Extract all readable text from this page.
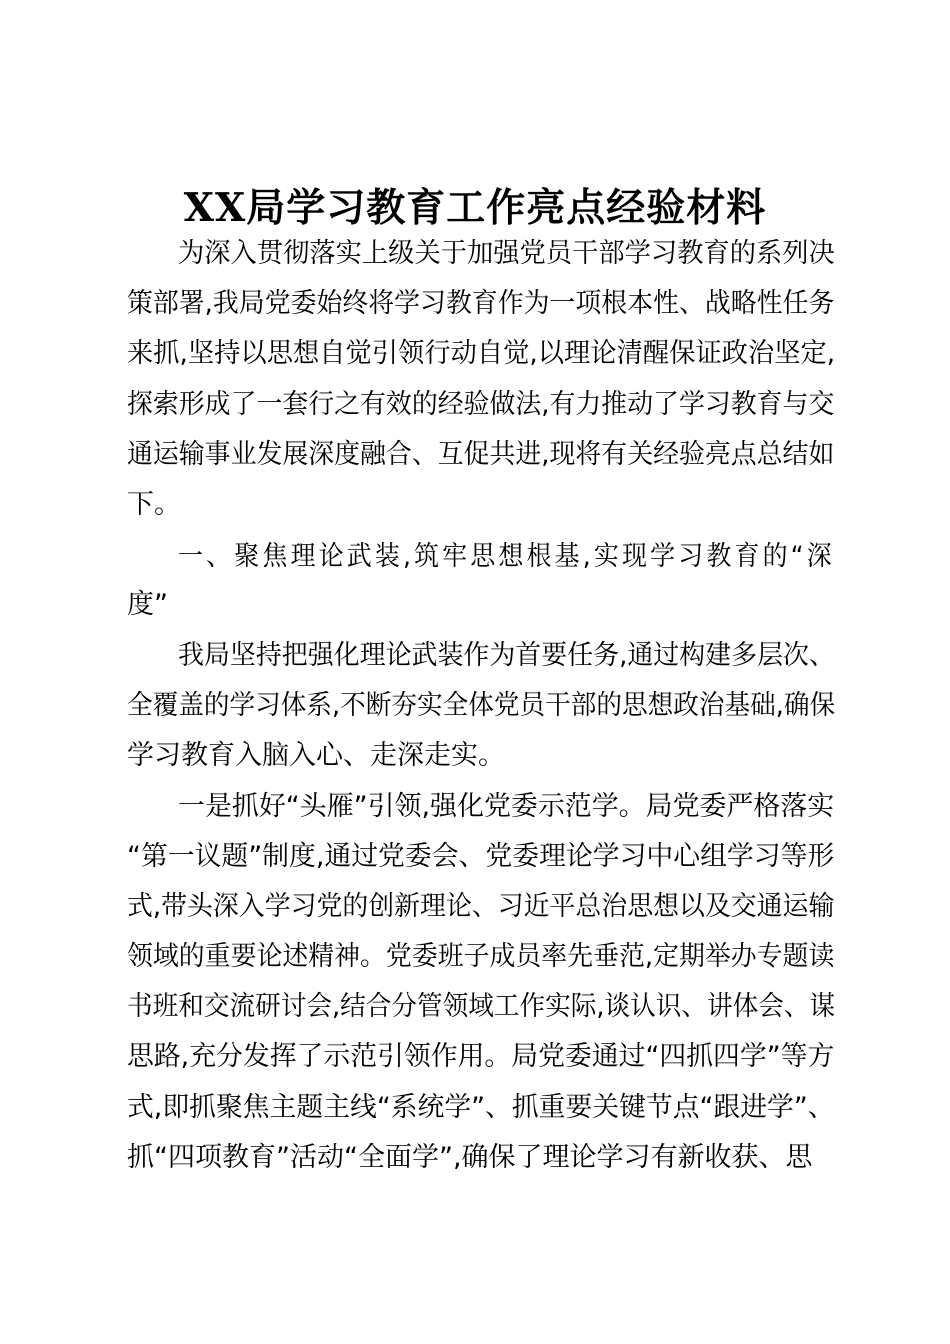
XX局学习教育工作亮点经验材料
为深入贯彻落实上级关于加强党员干部学习教育的系列决
策部署,我局党委始终将学习教育作为一项根本性、战略性任务
来抓,坚持以思想自觉引领行动自觉,以理论清醒保证政治坚定,
探索形成了一套行之有效的经验做法,有力推动了学习教育与交
通运输事业发展深度融合、互促共进,现将有关经验亮点总结如
下。
一、聚焦理论武装,筑牢思想根基,实现学习教育的“深
度”
我局坚持把强化理论武装作为首要任务,通过构建多层次、
全覆盖的学习体系,不断夯实全体党员干部的思想政治基础,确保
学习教育入脑入心、走深走实。
一是抓好“头雁”引领,强化党委示范学。局党委严格落实
“第一议题”制度,通过党委会、党委理论学习中心组学习等形
式,带头深入学习党的创新理论、习近平总治思想以及交通运输
领域的重要论述精神。党委班子成员率先垂范,定期举办专题读
书班和交流研讨会,结合分管领域工作实际,谈认识、讲体会、谋
思路,充分发挥了示范引领作用。局党委通过“四抓四学”等方
式,即抓聚焦主题主线“系统学”、抓重要关键节点“跟进学”、
抓“四项教育”活动“全面学”,确保了理论学习有新收获、思
